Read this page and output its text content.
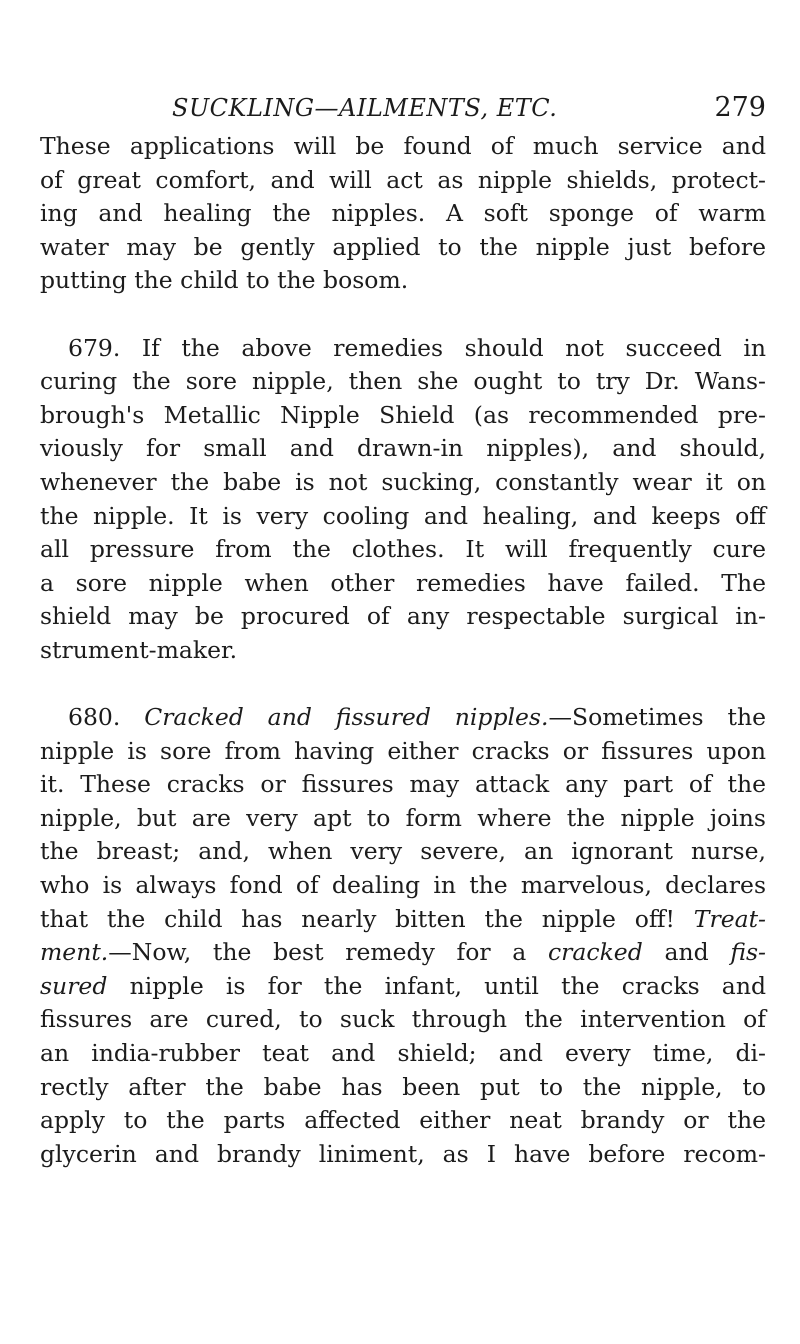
SUCKLING—AILMENTS, ETC.	279
These applications will be found of much service and
of great comfort, and will act as nipple shields, protect-
ing and healing the nipples. A soft sponge of warm
water may be gently applied to the nipple just before
putting the child to the bosom.
679. If the above remedies should not succeed in
curing the sore nipple, then she ought to try Dr. Wans-
brough's Metallic Nipple Shield (as recommended pre-
viously for small and drawn-in nipples), and should,
whenever the babe is not sucking, constantly wear it on
the nipple. It is very cooling and healing, and keeps off
all pressure from the clothes. It will frequently cure
a sore nipple when other remedies have failed. The
shield may be procured of any respectable surgical in-
strument-maker.
680. Cracked and fissured nipples.—Sometimes the
nipple is sore from having either cracks or fissures upon
it. These cracks or fissures may attack any part of the
nipple, but are very apt to form where the nipple joins
the breast; and, when very severe, an ignorant nurse,
who is always fond of dealing in the marvelous, declares
that the child has nearly bitten the nipple off! Treat-
ment.—Now, the best remedy for a cracked and fis-
sured nipple is for the infant, until the cracks and
fissures are cured, to suck through the intervention of
an india-rubber teat and shield; and every time, di-
rectly after the babe has been put to the nipple, to
apply to the parts affected either neat brandy or the
glycerin and brandy liniment, as I have before recom-
